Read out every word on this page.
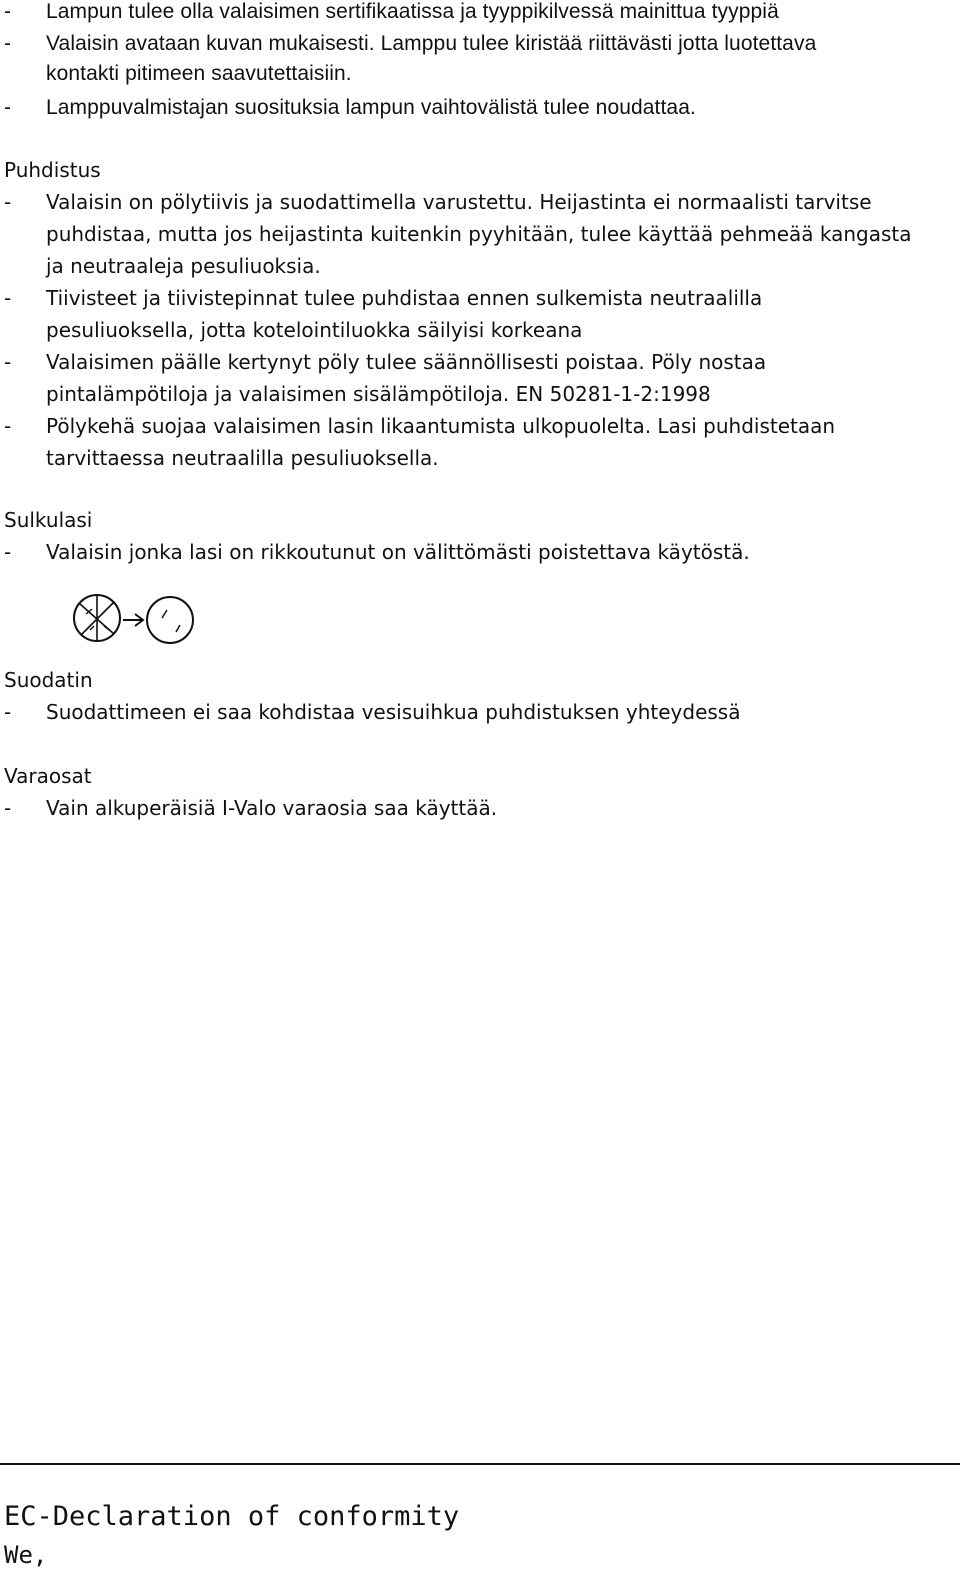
- Lampun tulee olla valaisimen sertifikaatissa ja tyyppikilvessä mainittua tyyppiä
- Valaisin avataan kuvan mukaisesti. Lamppu tulee kiristää riittävästi jotta luotettava
kontakti pitimeen saavutettaisiin.
- Lamppuvalmistajan suosituksia lampun vaihtovälistä tulee noudattaa.
Puhdistus
- Valaisin on pölytiivis ja suodattimella varustettu. Heijastinta ei normaalisti tarvitse
puhdistaa, mutta jos heijastinta kuitenkin pyyhitään, tulee käyttää pehmeää kangasta
ja neutraaleja pesuliuoksia.
- Tiivisteet ja tiivistepinnat tulee puhdistaa ennen sulkemista neutraalilla
pesuliuoksella, jotta kotelointiluokka säilyisi korkeana
- Valaisimen päälle kertynyt pöly tulee säännöllisesti poistaa. Pöly nostaa
pintalämpötiloja ja valaisimen sisälämpötiloja. EN 50281-1-2:1998
- Pölykehä suojaa valaisimen lasin likaantumista ulkopuolelta. Lasi puhdistetaan
tarvittaessa neutraalilla pesuliuoksella.
Sulkulasi
- Valaisin jonka lasi on rikkoutunut on välittömästi poistettava käytöstä.
Suodatin
- Suodattimeen ei saa kohdistaa vesisuihkua puhdistuksen yhteydessä
Varaosat
- Vain alkuperäisiä I-Valo varaosia saa käyttää.
EC-Declaration of conformity
We,
